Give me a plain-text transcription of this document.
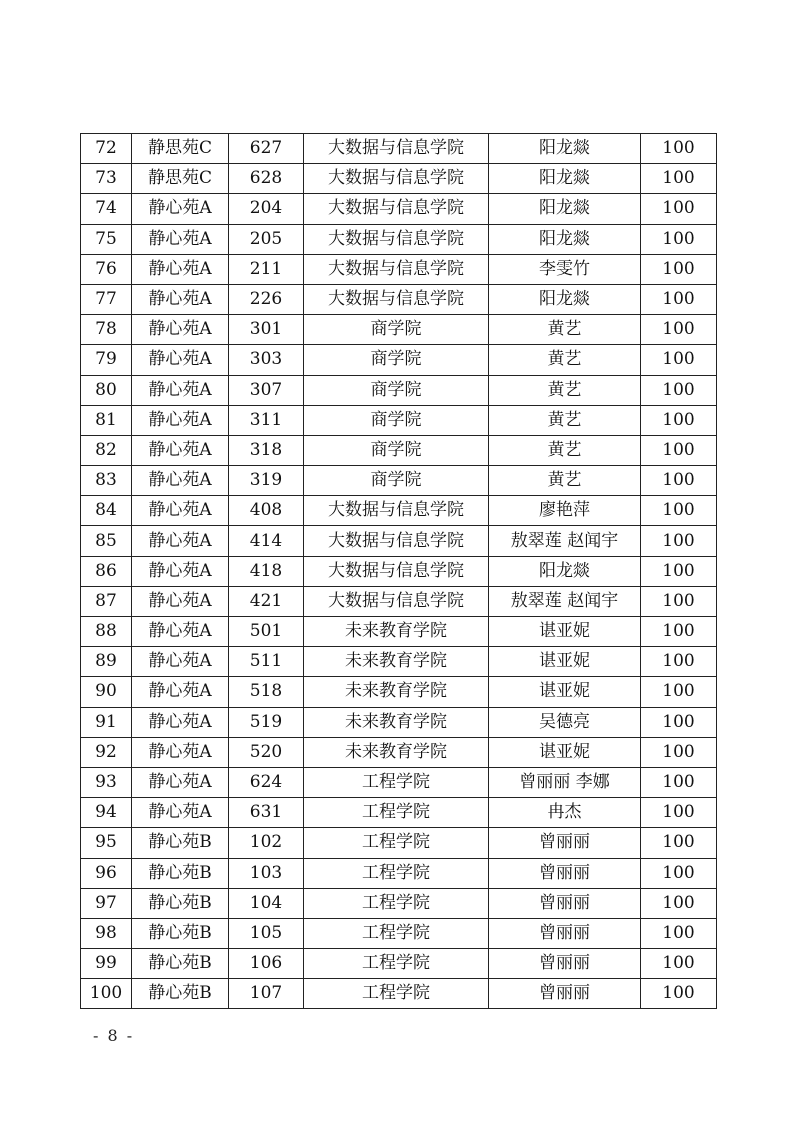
72	静思苑C	627	大数据与信息学院	阳龙燚	100
73	静思苑C	628	大数据与信息学院	阳龙燚	100
74	静心苑A	204	大数据与信息学院	阳龙燚	100
75	静心苑A	205	大数据与信息学院	阳龙燚	100
76	静心苑A	211	大数据与信息学院	李雯竹	100
77	静心苑A	226	大数据与信息学院	阳龙燚	100
78	静心苑A	301	商学院	黄艺	100
79	静心苑A	303	商学院	黄艺	100
80	静心苑A	307	商学院	黄艺	100
81	静心苑A	311	商学院	黄艺	100
82	静心苑A	318	商学院	黄艺	100
83	静心苑A	319	商学院	黄艺	100
84	静心苑A	408	大数据与信息学院	廖艳萍	100
85	静心苑A	414	大数据与信息学院	敖翠莲 赵闻宇	100
86	静心苑A	418	大数据与信息学院	阳龙燚	100
87	静心苑A	421	大数据与信息学院	敖翠莲 赵闻宇	100
88	静心苑A	501	未来教育学院	谌亚妮	100
89	静心苑A	511	未来教育学院	谌亚妮	100
90	静心苑A	518	未来教育学院	谌亚妮	100
91	静心苑A	519	未来教育学院	吴德亮	100
92	静心苑A	520	未来教育学院	谌亚妮	100
93	静心苑A	624	工程学院	曾丽丽 李娜	100
94	静心苑A	631	工程学院	冉杰	100
95	静心苑B	102	工程学院	曾丽丽	100
96	静心苑B	103	工程学院	曾丽丽	100
97	静心苑B	104	工程学院	曾丽丽	100
98	静心苑B	105	工程学院	曾丽丽	100
99	静心苑B	106	工程学院	曾丽丽	100
100	静心苑B	107	工程学院	曾丽丽	100
- 8 -
